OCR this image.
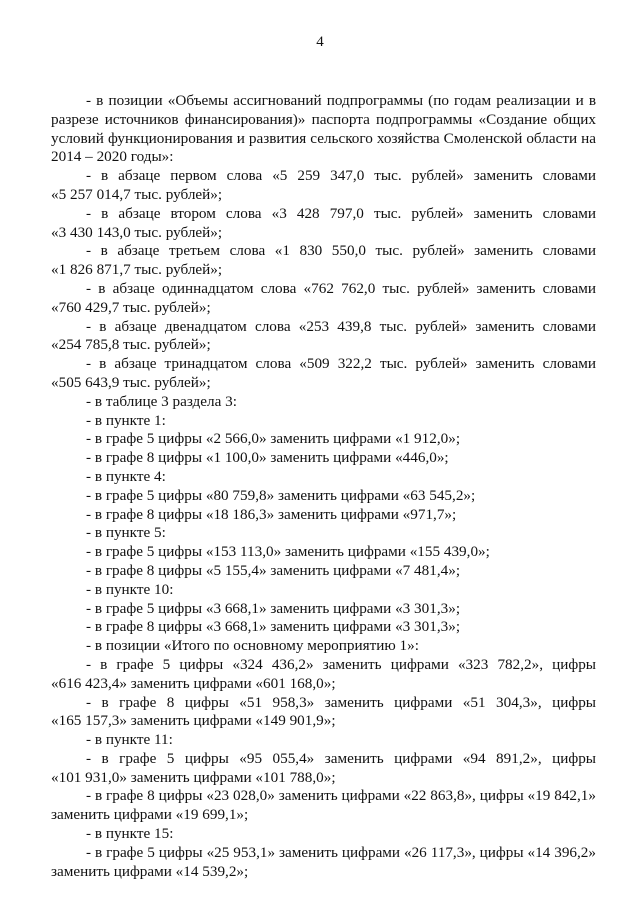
4
- в позиции «Объемы ассигнований подпрограммы (по годам реализации и в
разрезе источников финансирования)» паспорта подпрограммы «Создание общих
условий функционирования и развития сельского хозяйства Смоленской области на
2014 – 2020 годы»:
- в абзаце первом слова «5 259 347,0 тыс. рублей» заменить словами
«5 257 014,7 тыс. рублей»;
- в абзаце втором слова «3 428 797,0 тыс. рублей» заменить словами
«3 430 143,0 тыс. рублей»;
- в абзаце третьем слова «1 830 550,0 тыс. рублей» заменить словами
«1 826 871,7 тыс. рублей»;
- в абзаце одиннадцатом слова «762 762,0 тыс. рублей» заменить словами
«760 429,7 тыс. рублей»;
- в абзаце двенадцатом слова «253 439,8 тыс. рублей» заменить словами
«254 785,8 тыс. рублей»;
- в абзаце тринадцатом слова «509 322,2 тыс. рублей» заменить словами
«505 643,9 тыс. рублей»;
- в таблице 3 раздела 3:
- в пункте 1:
- в графе 5 цифры «2 566,0» заменить цифрами «1 912,0»;
- в графе 8 цифры «1 100,0» заменить цифрами «446,0»;
- в пункте 4:
- в графе 5 цифры «80 759,8» заменить цифрами «63 545,2»;
- в графе 8 цифры «18 186,3» заменить цифрами «971,7»;
- в пункте 5:
- в графе 5 цифры «153 113,0» заменить цифрами «155 439,0»;
- в графе 8 цифры «5 155,4» заменить цифрами «7 481,4»;
- в пункте 10:
- в графе 5 цифры «3 668,1» заменить цифрами «3 301,3»;
- в графе 8 цифры «3 668,1» заменить цифрами «3 301,3»;
- в позиции «Итого по основному мероприятию 1»:
- в графе 5 цифры «324 436,2» заменить цифрами «323 782,2», цифры
«616 423,4» заменить цифрами «601 168,0»;
- в графе 8 цифры «51 958,3» заменить цифрами «51 304,3», цифры
«165 157,3» заменить цифрами «149 901,9»;
- в пункте 11:
- в графе 5 цифры «95 055,4» заменить цифрами «94 891,2», цифры
«101 931,0» заменить цифрами «101 788,0»;
- в графе 8 цифры «23 028,0» заменить цифрами «22 863,8», цифры «19 842,1»
заменить цифрами «19 699,1»;
- в пункте 15:
- в графе 5 цифры «25 953,1» заменить цифрами «26 117,3», цифры «14 396,2»
заменить цифрами «14 539,2»;
